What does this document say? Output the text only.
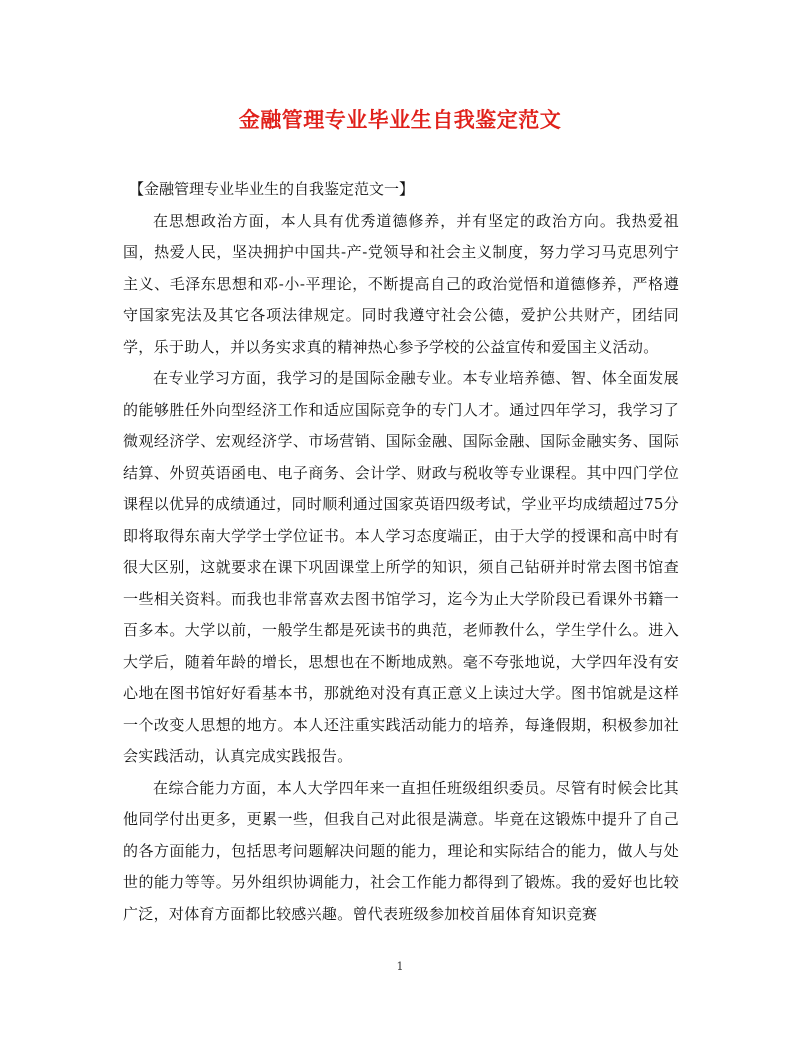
金融管理专业毕业生自我鉴定范文

【金融管理专业毕业生的自我鉴定范文一】

在思想政治方面，本人具有优秀道德修养，并有坚定的政治方向。我热爱祖国，热爱人民，坚决拥护中国共-产-党领导和社会主义制度，努力学习马克思列宁主义、毛泽东思想和邓-小-平理论，不断提高自己的政治觉悟和道德修养，严格遵守国家宪法及其它各项法律规定。同时我遵守社会公德，爱护公共财产，团结同学，乐于助人，并以务实求真的精神热心参予学校的公益宣传和爱国主义活动。

在专业学习方面，我学习的是国际金融专业。本专业培养德、智、体全面发展的能够胜任外向型经济工作和适应国际竞争的专门人才。通过四年学习，我学习了微观经济学、宏观经济学、市场营销、国际金融、国际金融、国际金融实务、国际结算、外贸英语函电、电子商务、会计学、财政与税收等专业课程。其中四门学位课程以优异的成绩通过，同时顺利通过国家英语四级考试，学业平均成绩超过75分即将取得东南大学学士学位证书。本人学习态度端正，由于大学的授课和高中时有很大区别，这就要求在课下巩固课堂上所学的知识，须自己钻研并时常去图书馆查一些相关资料。而我也非常喜欢去图书馆学习，迄今为止大学阶段已看课外书籍一百多本。大学以前，一般学生都是死读书的典范，老师教什么，学生学什么。进入大学后，随着年龄的增长，思想也在不断地成熟。毫不夸张地说，大学四年没有安心地在图书馆好好看基本书，那就绝对没有真正意义上读过大学。图书馆就是这样一个改变人思想的地方。本人还注重实践活动能力的培养，每逢假期，积极参加社会实践活动，认真完成实践报告。

在综合能力方面，本人大学四年来一直担任班级组织委员。尽管有时候会比其他同学付出更多，更累一些，但我自己对此很是满意。毕竟在这锻炼中提升了自己的各方面能力，包括思考问题解决问题的能力，理论和实际结合的能力，做人与处世的能力等等。另外组织协调能力，社会工作能力都得到了锻炼。我的爱好也比较广泛，对体育方面都比较感兴趣。曾代表班级参加校首届体育知识竞赛

1
